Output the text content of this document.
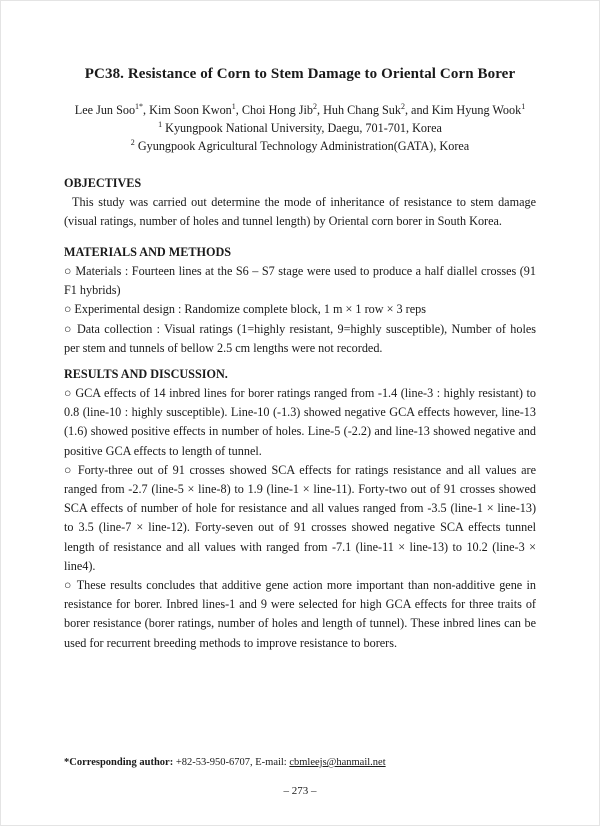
PC38. Resistance of Corn to Stem Damage to Oriental Corn Borer
Lee Jun Soo$^{1*}$, Kim Soon Kwon$^1$, Choi Hong Jib$^2$, Huh Chang Suk$^2$, and Kim Hyung Wook$^1$
$^1$ Kyungpook National University, Daegu, 701-701, Korea
$^2$ Gyungpook Agricultural Technology Administration(GATA), Korea

OBJECTIVES

This study was carried out determine the mode of inheritance of resistance to stem damage (visual ratings, number of holes and tunnel length) by Oriental corn borer in South Korea.

MATERIALS AND METHODS

○ Materials : Fourteen lines at the S6 – S7 stage were used to produce a half diallel crosses (91 F1 hybrids)

○ Experimental design : Randomize complete block, 1 m × 1 row × 3 reps

○ Data collection : Visual ratings (1=highly resistant, 9=highly susceptible), Number of holes per stem and tunnels of bellow 2.5 cm lengths were not recorded.

RESULTS AND DISCUSSION.

○ GCA effects of 14 inbred lines for borer ratings ranged from -1.4 (line-3 : highly resistant) to 0.8 (line-10 : highly susceptible). Line-10 (-1.3) showed negative GCA effects however, line-13 (1.6) showed positive effects in number of holes. Line-5 (-2.2) and line-13 showed negative and positive GCA effects to length of tunnel.

○ Forty-three out of 91 crosses showed SCA effects for ratings resistance and all values are ranged from -2.7 (line-5 × line-8) to 1.9 (line-1 × line-11). Forty-two out of 91 crosses showed SCA effects of number of hole for resistance and all values ranged from -3.5 (line-1 × line-13) to 3.5 (line-7 × line-12). Forty-seven out of 91 crosses showed negative SCA effects tunnel length of resistance and all values with ranged from -7.1 (line-11 × line-13) to 10.2 (line-3 × line4).

○ These results concludes that additive gene action more important than non-additive gene in resistance for borer. Inbred lines-1 and 9 were selected for high GCA effects for three traits of borer resistance (borer ratings, number of holes and length of tunnel). These inbred lines can be used for recurrent breeding methods to improve resistance to borers.

*Corresponding author: +82-53-950-6707, E-mail: cbmleejs@hanmail.net
– 273 –
